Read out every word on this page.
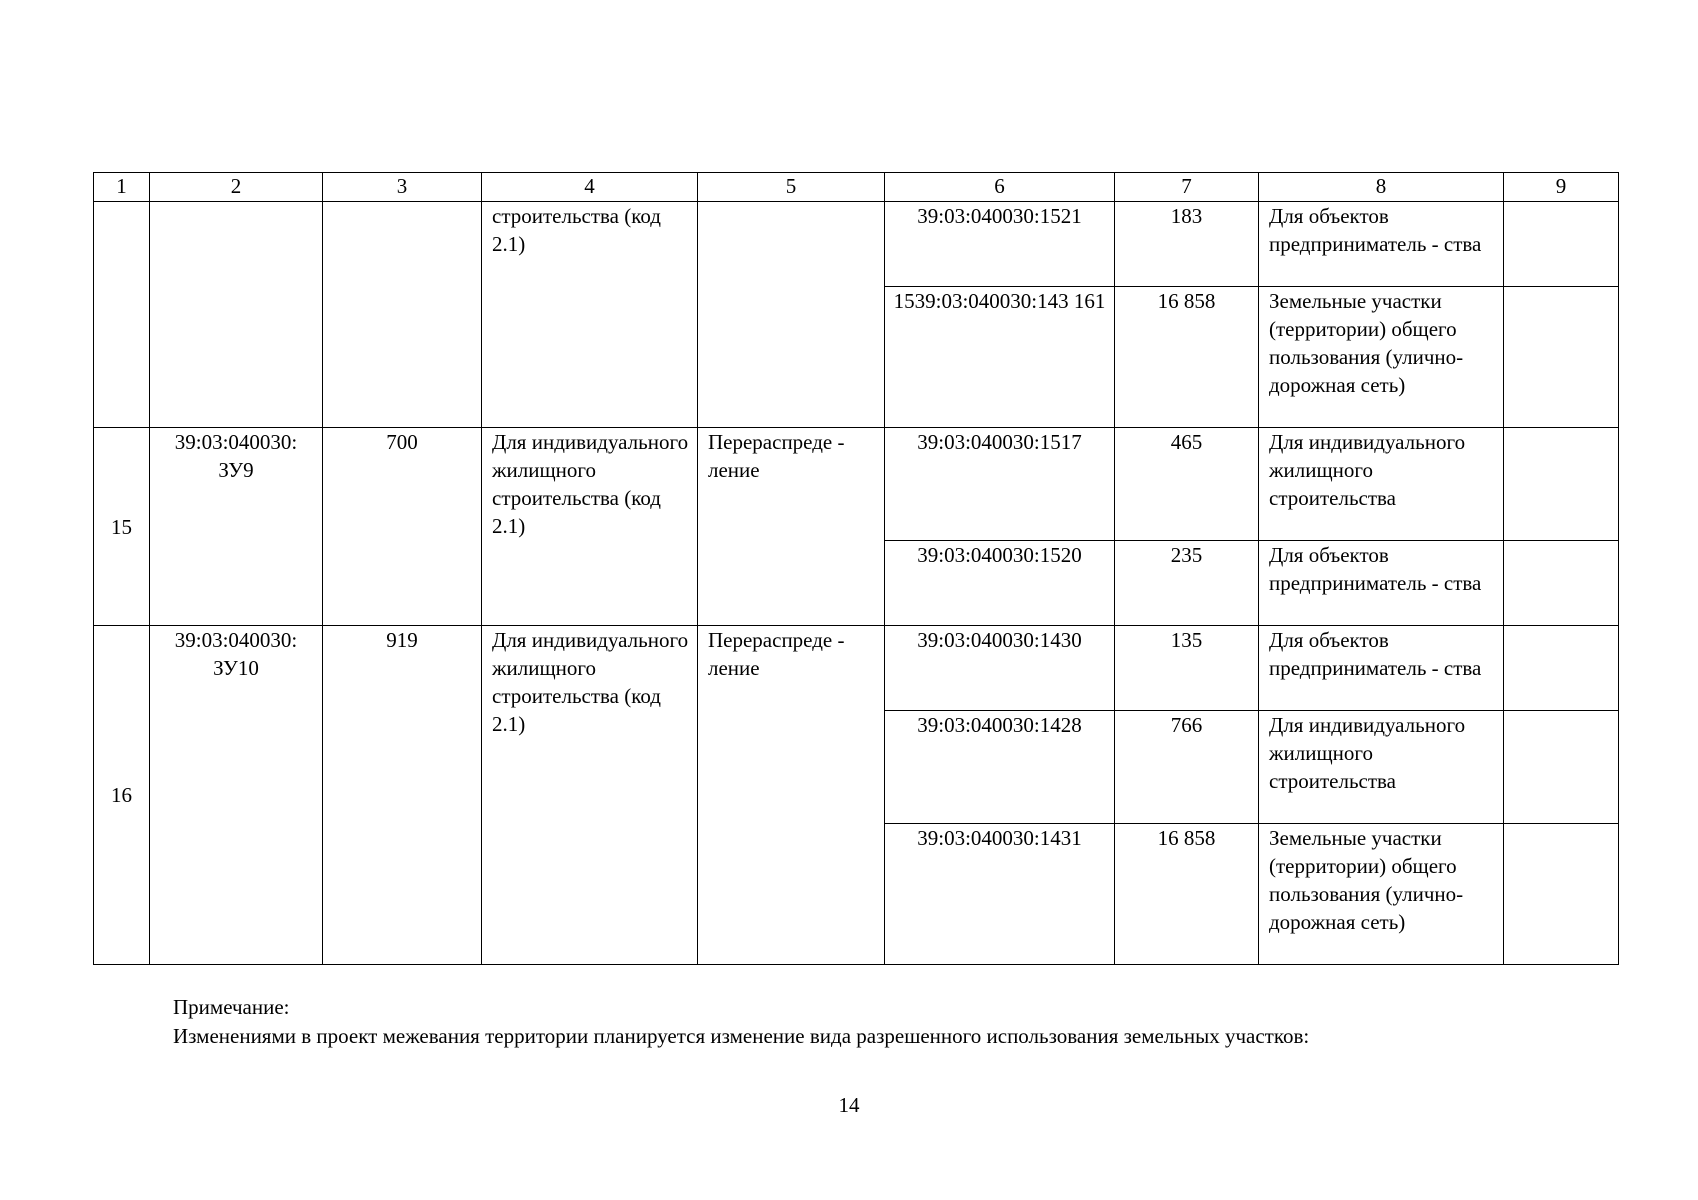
1	2	3	4	5	6	7	8	9
			строительства (код 2.1)		39:03:040030:1521	183	Для объектов предприниматель - ства	
					1539:03:040030:143 161	16 858	Земельные участки (территории) общего пользования (улично-дорожная сеть)	
15	39:03:040030: ЗУ9	700	Для индивидуального жилищного строительства (код 2.1)	Перераспреде - ление	39:03:040030:1517	465	Для индивидуального жилищного строительства	
					39:03:040030:1520	235	Для объектов предприниматель - ства	
16	39:03:040030: ЗУ10	919	Для индивидуального жилищного строительства (код 2.1)	Перераспреде - ление	39:03:040030:1430	135	Для объектов предприниматель - ства	
					39:03:040030:1428	766	Для индивидуального жилищного строительства	
					39:03:040030:1431	16 858	Земельные участки (территории) общего пользования (улично-дорожная сеть)	
Примечание:
Изменениями в проект межевания территории планируется изменение вида разрешенного использования земельных участков:
14
